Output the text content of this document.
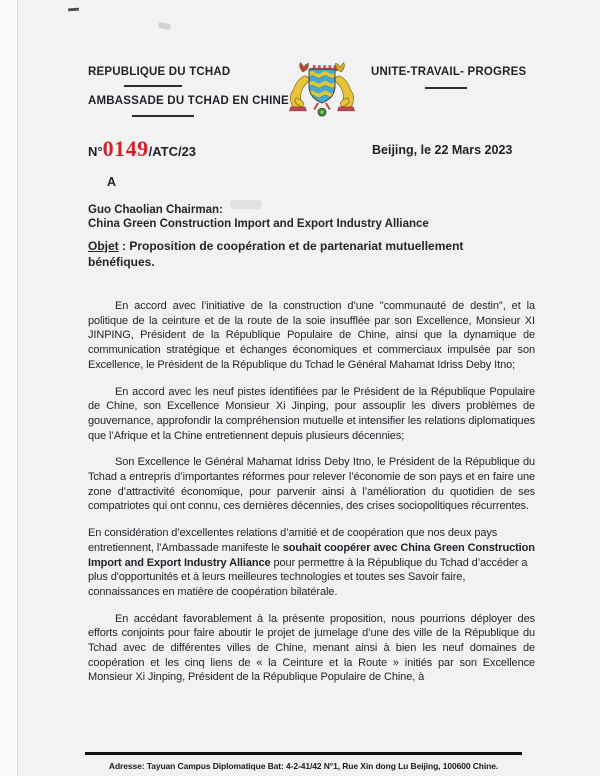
REPUBLIQUE DU TCHAD
AMBASSADE DU TCHAD EN CHINE
UNITE-TRAVAIL- PROGRES
N° 0149 /ATC/23	Beijing, le 22 Mars 2023
A
Guo Chaolian Chairman:
China Green Construction Import and Export Industry Alliance
Objet : Proposition de coopération et de partenariat mutuellement bénéfiques.

En accord avec l’initiative de la construction d’une "communauté de destin", et la politique de la ceinture et de la route de la soie insufflée par son Excellence, Monsieur XI JINPING, Président de la République Populaire de Chine, ainsi que la dynamique de communication stratégique et échanges économiques et commerciaux impulsée par son Excellence, le Président de la République du Tchad le Général Mahamat Idriss Deby Itno;

En accord avec les neuf pistes identifiées par le Président de la République Populaire de Chine, son Excellence Monsieur Xi Jinping, pour assouplir les divers problèmes de gouvernance, approfondir la compréhension mutuelle et intensifier les relations diplomatiques que l’Afrique et la Chine entretiennent depuis plusieurs décennies;

Son Excellence le Général Mahamat Idriss Deby Itno, le Président de la République du Tchad a entrepris d’importantes réformes pour relever l’économie de son pays et en faire une zone d’attractivité économique, pour parvenir ainsi à l’amélioration du quotidien de ses compatriotes qui ont connu, ces dernières décennies, des crises sociopolitiques récurrentes.

En considération d’excellentes relations d’amitié et de coopération que nos deux pays entretiennent, l’Ambassade manifeste le souhait coopérer avec China Green Construction Import and Export Industry Alliance pour permettre à la République du Tchad d’accéder a plus d'opportunités et à leurs meilleures technologies et toutes ses Savoir faire, connaissances en matière de coopération bilatérale.

En accédant favorablement à la présente proposition, nous pourrions déployer des efforts conjoints pour faire aboutir le projet de jumelage d’une des ville de la République du Tchad avec de différentes villes de Chine, menant ainsi à bien les neuf domaines de coopération et les cinq liens de « la Ceinture et la Route » initiés par son Excellence Monsieur Xi Jinping, Président de la République Populaire de Chine, à

Adresse: Tayuan Campus Diplomatique Bat: 4-2-41/42 N°1, Rue Xin dong Lu Beijing, 100600 Chine.
